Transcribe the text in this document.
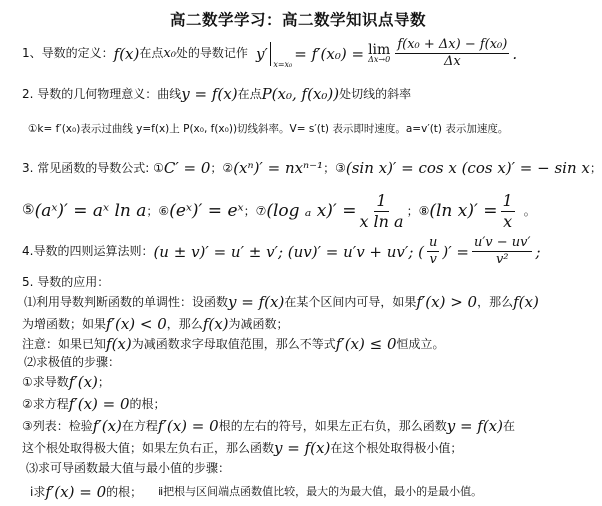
高二数学学习：高二数学知识点导数
1、导数的定义： f(x) 在点 x₀ 处的导数记作 y′
x=x₀
= f′(x₀) = lim
$\Delta x\to 0 \frac{\text{f(x₀ + Δx) − f(x₀)}}{\Delta x}$ .
2. 导数的几何物理意义：曲线 y = f(x) 在点 P(x₀, f(x₀)) 处切线的斜率
①k= f′(x₀)表示过曲线 y=f(x)上 P(x₀, f(x₀))切线斜率。V= s′(t) 表示即时速度。a=v′(t) 表示加速度。
3. 常见函数的导数公式: ① C′ = 0 ；② (xⁿ)′ = nxⁿ⁻¹ ；③ (sin x)′ = cos x (cos x)′ = − sin x ；
⑤ (aˣ)′ = aˣ ln a ；⑥ (eˣ)′ = eˣ ；⑦ (log ₐ $x)' = \frac{1}{\text{x ln a}}$ ；⑧ (ln $x)' = \frac{1}{x}$ 。
4.导数的四则运算法则： (u ± v)′ = u′ ± v′; (uv)′ = u′v + uv′; ( $\frac{u}{v}$ )′ = $\frac{u'v - uv'}{\text{v²}}$ ;
5. 导数的应用：
⑴利用导数判断函数的单调性：设函数 y = f(x) 在某个区间内可导，如果 f′(x) > 0 ，那么 f(x)
为增函数；如果 f′(x) < 0 ，那么 f(x) 为减函数；
注意：如果已知 f(x) 为减函数求字母取值范围，那么不等式 f′(x) ≤ 0 恒成立。
⑵求极值的步骤：
①求导数 f′(x) ；
②求方程 f′(x) = 0 的根；
③列表：检验 f′(x) 在方程 f′(x) = 0 根的左右的符号，如果左正右负，那么函数 y = f(x) 在
这个根处取得极大值；如果左负右正，那么函数 y = f(x) 在这个根处取得极小值；
⑶求可导函数最大值与最小值的步骤：
ⅰ求 f′(x) = 0 的根； ⅱ把根与区间端点函数值比较，最大的为最大值，最小的是最小值。
